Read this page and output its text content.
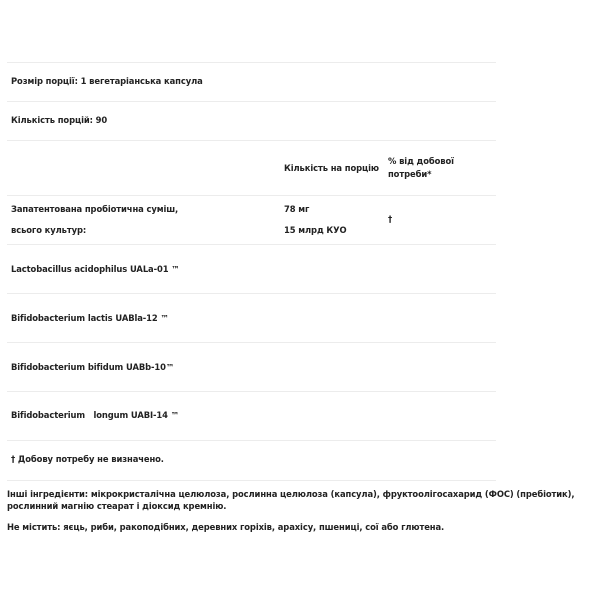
Розмір порції: 1 вегетаріанська капсула
Кількість порцій: 90
Кількість на порцію
% від добової
потреби*
Запатентована пробіотична суміш,
всього культур:
78 мг
15 млрд КУО
†
Lactobacillus acidophilus UALa-01 ™
Bifidobacterium lactis UABla-12 ™
Bifidobacterium bifidum UABb-10™
Bifidobacterium   longum UABI-14 ™
† Добову потребу не визначено.
Інші інгредієнти: мікрокристалічна целюлоза, рослинна целюлоза (капсула), фруктоолігосахарид (ФОС) (пребіотик),
рослинний магнію стеарат і діоксид кремнію.
Не містить: яєць, риби, ракоподібних, деревних горіхів, арахісу, пшениці, сої або глютена.
